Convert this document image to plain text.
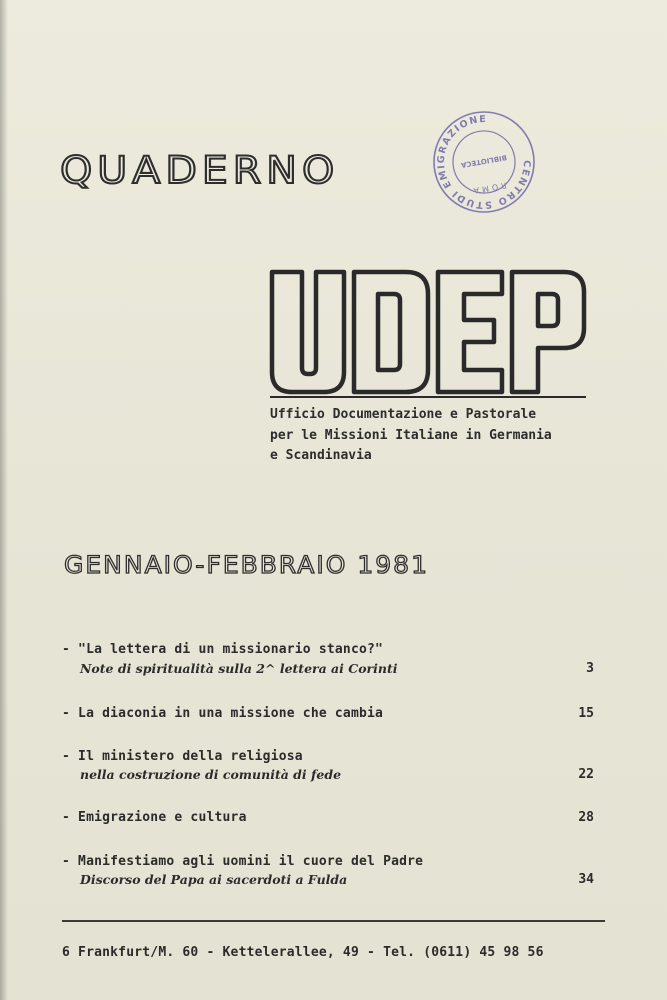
QUADERNO	CENTRO STUDI EMIGRAZIONE
ROMA
BIBLIOTECA
Ufficio Documentazione e Pastorale
per le Missioni Italiane in Germania
e Scandinavia
GENNAIO-FEBBRAIO 1981
- "La lettera di un missionario stanco?"
Note di spiritualità sulla 2^ lettera ai Corinti	3
- La diaconia in una missione che cambia	15
- Il ministero della religiosa
nella costruzione di comunità di fede	22
- Emigrazione e cultura	28
- Manifestiamo agli uomini il cuore del Padre
Discorso del Papa ai sacerdoti a Fulda	34
6 Frankfurt/M. 60 - Kettelerallee, 49 - Tel. (0611) 45 98 56
